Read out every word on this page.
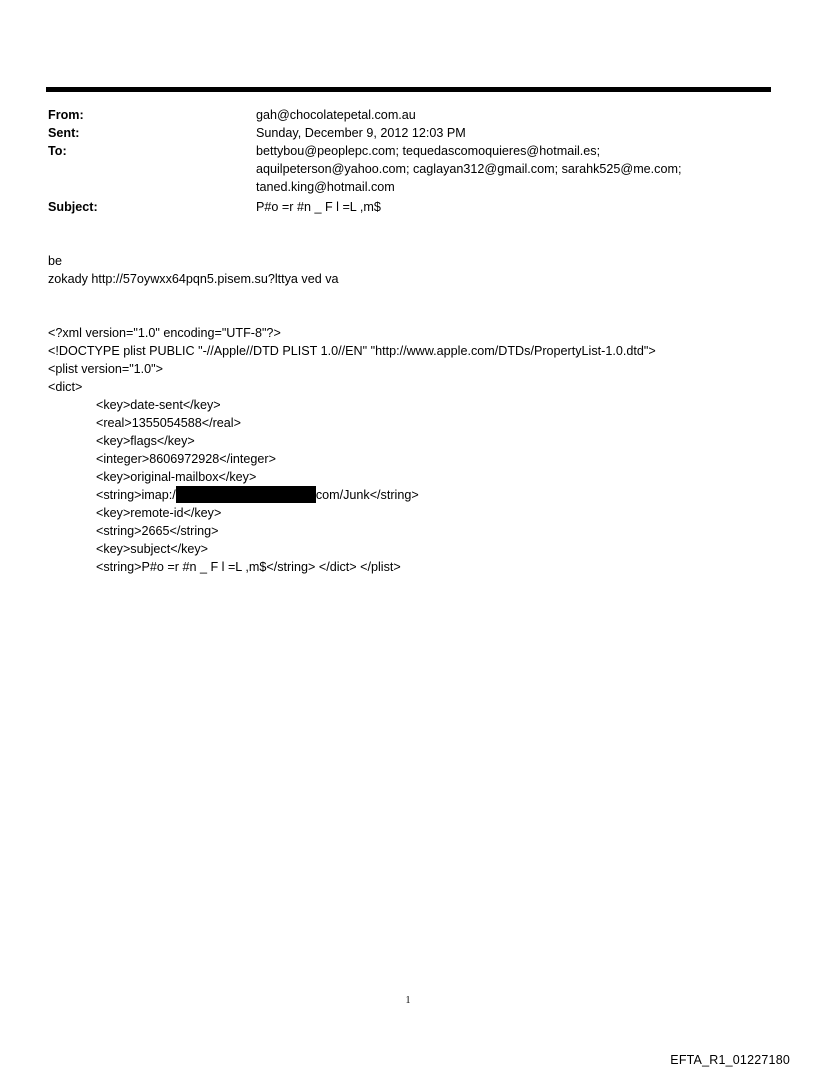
From:	gah@chocolatepetal.com.au
Sent:	Sunday, December 9, 2012 12:03 PM
To:	bettybou@peoplepc.com; tequedascomoquieres@hotmail.es;
aquilpeterson@yahoo.com; caglayan312@gmail.com; sarahk525@me.com;
taned.king@hotmail.com
Subject:	P#o =r #n _ F l =L ,m$
be
zokady http://57oywxx64pqn5.pisem.su?lttya ved va
<?xml version="1.0" encoding="UTF-8"?>
<!DOCTYPE plist PUBLIC "-//Apple//DTD PLIST 1.0//EN" "http://www.apple.com/DTDs/PropertyList-1.0.dtd">
<plist version="1.0">
<dict>
<key>date-sent</key>
<real>1355054588</real>
<key>flags</key>
<integer>8606972928</integer>
<key>original-mailbox</key>
<string>imap:/	com/Junk</string>
<key>remote-id</key>
<string>2665</string>
<key>subject</key>
<string>P#o =r #n _ F l =L ,m$</string> </dict> </plist>
1
EFTA_R1_01227180
